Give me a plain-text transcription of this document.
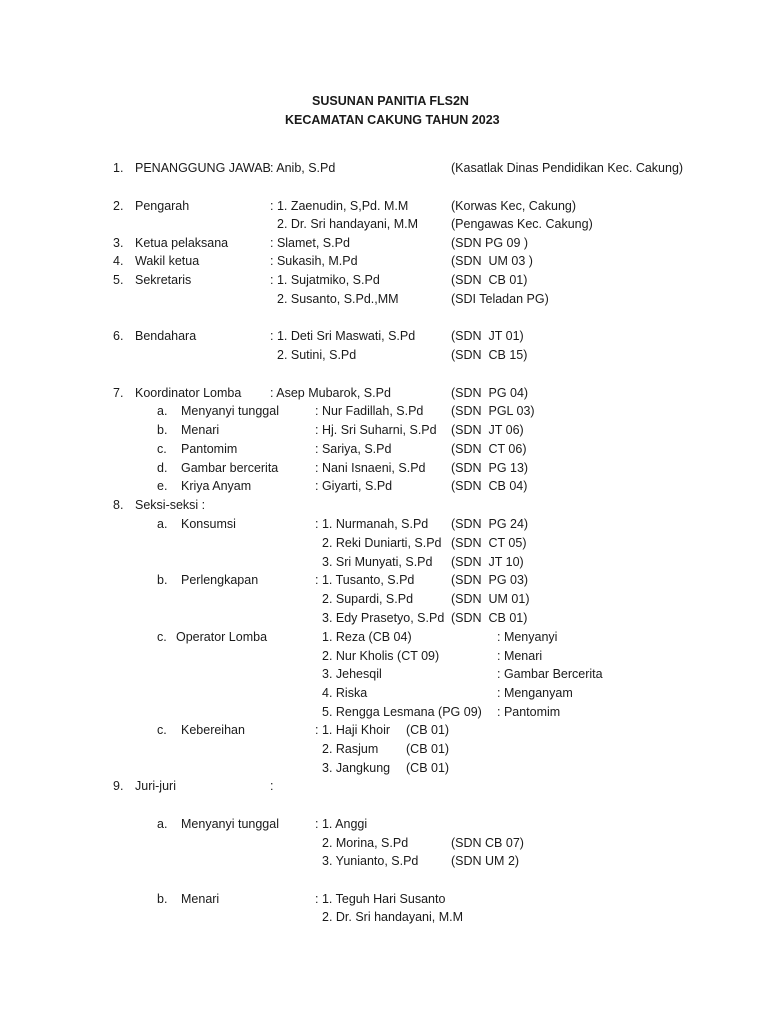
SUSUNAN PANITIA FLS2N
KECAMATAN CAKUNG TAHUN 2023
1. PENANGGUNG JAWAB : Anib, S.Pd	(Kasatlak Dinas Pendidikan Kec. Cakung)
2. Pengarah	: 1. Zaenudin, S,Pd. M.M	(Korwas Kec, Cakung)
2. Dr. Sri handayani, M.M	(Pengawas Kec. Cakung)
3. Ketua pelaksana	: Slamet, S.Pd	(SDN PG 09 )
4. Wakil ketua	: Sukasih, M.Pd	(SDN  UM 03 )
5. Sekretaris	: 1. Sujatmiko, S.Pd	(SDN  CB 01)
2. Susanto, S.Pd.,MM	(SDI Teladan PG)
6. Bendahara	: 1. Deti Sri Maswati, S.Pd	(SDN  JT 01)
2. Sutini, S.Pd	(SDN  CB 15)
7. Koordinator Lomba : Asep Mubarok, S.Pd	(SDN  PG 04)
a. Menyanyi tunggal	: Nur Fadillah, S.Pd (SDN  PGL 03)
b. Menari	: Hj. Sri Suharni, S.Pd (SDN  JT 06)
c. Pantomim	: Sariya, S.Pd	(SDN  CT 06)
d. Gambar bercerita	: Nani Isnaeni, S.Pd (SDN  PG 13)
e. Kriya Anyam	: Giyarti, S.Pd	(SDN  CB 04)
8. Seksi-seksi :
a. Konsumsi	: 1. Nurmanah, S.Pd (SDN  PG 24)
2. Reki Duniarti, S.Pd (SDN  CT 05)
3. Sri Munyati, S.Pd (SDN  JT 10)
b. Perlengkapan	: 1. Tusanto, S.Pd	(SDN  PG 03)
2. Supardi, S.Pd	(SDN  UM 01)
3. Edy Prasetyo, S.Pd (SDN  CB 01)
c. Operator Lomba	1. Reza (CB 04)	: Menyanyi
2. Nur Kholis (CT 09)	: Menari
3. Jehesqil	: Gambar Bercerita
4. Riska	: Menganyam
5. Rengga Lesmana (PG 09) : Pantomim
c. Kebereihan	: 1. Haji Khoir (CB 01)
2. Rasjum (CB 01)
3. Jangkung (CB 01)
9. Juri-juri	:
a. Menyanyi tunggal	: 1. Anggi
2. Morina, S.Pd	(SDN CB 07)
3. Yunianto, S.Pd	(SDN UM 2)
b. Menari	: 1. Teguh Hari Susanto
2. Dr. Sri handayani, M.M
